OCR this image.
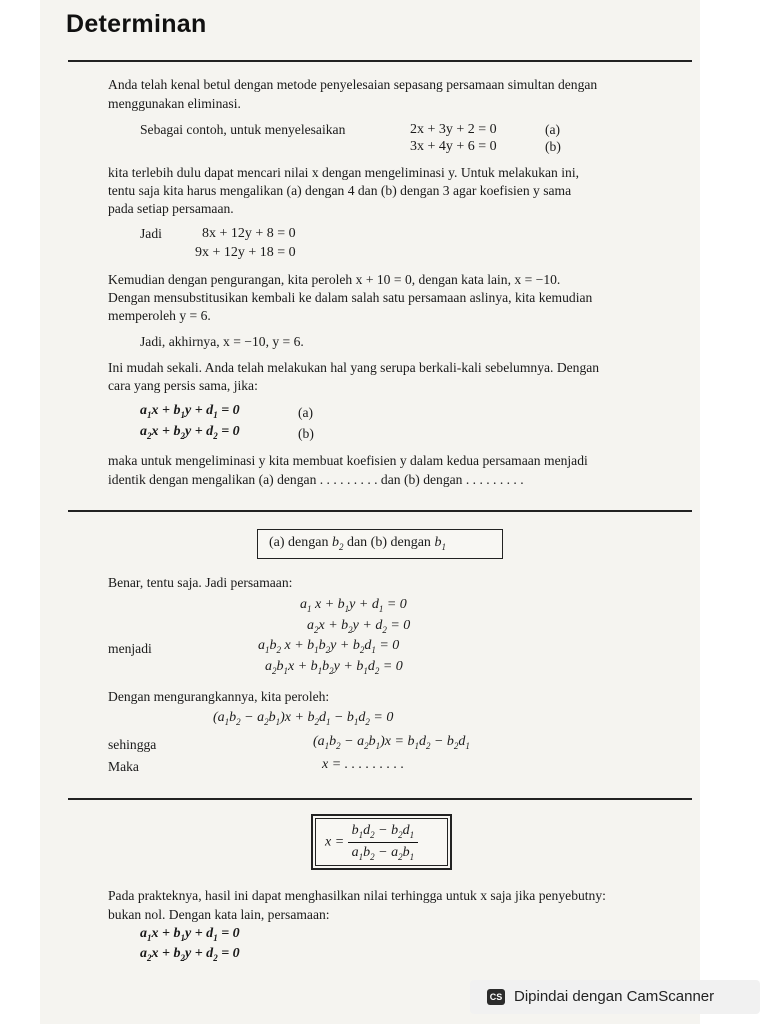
Determinan
Anda telah kenal betul dengan metode penyelesaian sepasang persamaan simultan dengan
menggunakan eliminasi.
Sebagai contoh, untuk menyelesaikan	2x + 3y + 2 = 0	(a)
3x + 4y + 6 = 0	(b)
kita terlebih dulu dapat mencari nilai x dengan mengeliminasi y. Untuk melakukan ini,
tentu saja kita harus mengalikan (a) dengan 4 dan (b) dengan 3 agar koefisien y sama
pada setiap persamaan.
Jadi	8x + 12y + 8 = 0
9x + 12y + 18 = 0
Kemudian dengan pengurangan, kita peroleh x + 10 = 0, dengan kata lain, x = −10.
Dengan mensubstitusikan kembali ke dalam salah satu persamaan aslinya, kita kemudian
memperoleh y = 6.
Jadi, akhirnya, x = −10, y = 6.
Ini mudah sekali. Anda telah melakukan hal yang serupa berkali-kali sebelumnya. Dengan
cara yang persis sama, jika:
$a_1x + b_1y + d_1 = 0$	(a)
$a_2x + b_2y + d_2 = 0$	(b)
maka untuk mengeliminasi y kita membuat koefisien y dalam kedua persamaan menjadi
identik dengan mengalikan (a) dengan . . . . . . . . . dan (b) dengan . . . . . . . . .
(a) dengan $b_2$ dan (b) dengan $b_1$
Benar, tentu saja. Jadi persamaan:
$a_1$ $x + b_1y + d_1 = 0$
$a_2x + b_2y + d_2 = 0$
menjadi	$a_1b_2$ $x + b_1b_2y + b_2d_1 = 0$
$a_2b_1x + b_1b_2y + b_1d_2 = 0$
Dengan mengurangkannya, kita peroleh:
$(a_1b_2 - a_2b_1)x + b_2d_1 - b_1d_2 = 0$
sehingga	$(a_1b_2 - a_2b_1)x = b_1d_2 - b_2d_1$
Maka	x = . . . . . . . . .
$x = \frac{b_1d_2 - b_2d_1}{a_1b_2 - a_2b_1}$
Pada prakteknya, hasil ini dapat menghasilkan nilai terhingga untuk x saja jika penyebutny:
bukan nol. Dengan kata lain, persamaan:
$a_1x + b_1y + d_1 = 0$
$a_2x + b_2y + d_2 = 0$
CS Dipindai dengan CamScanner
